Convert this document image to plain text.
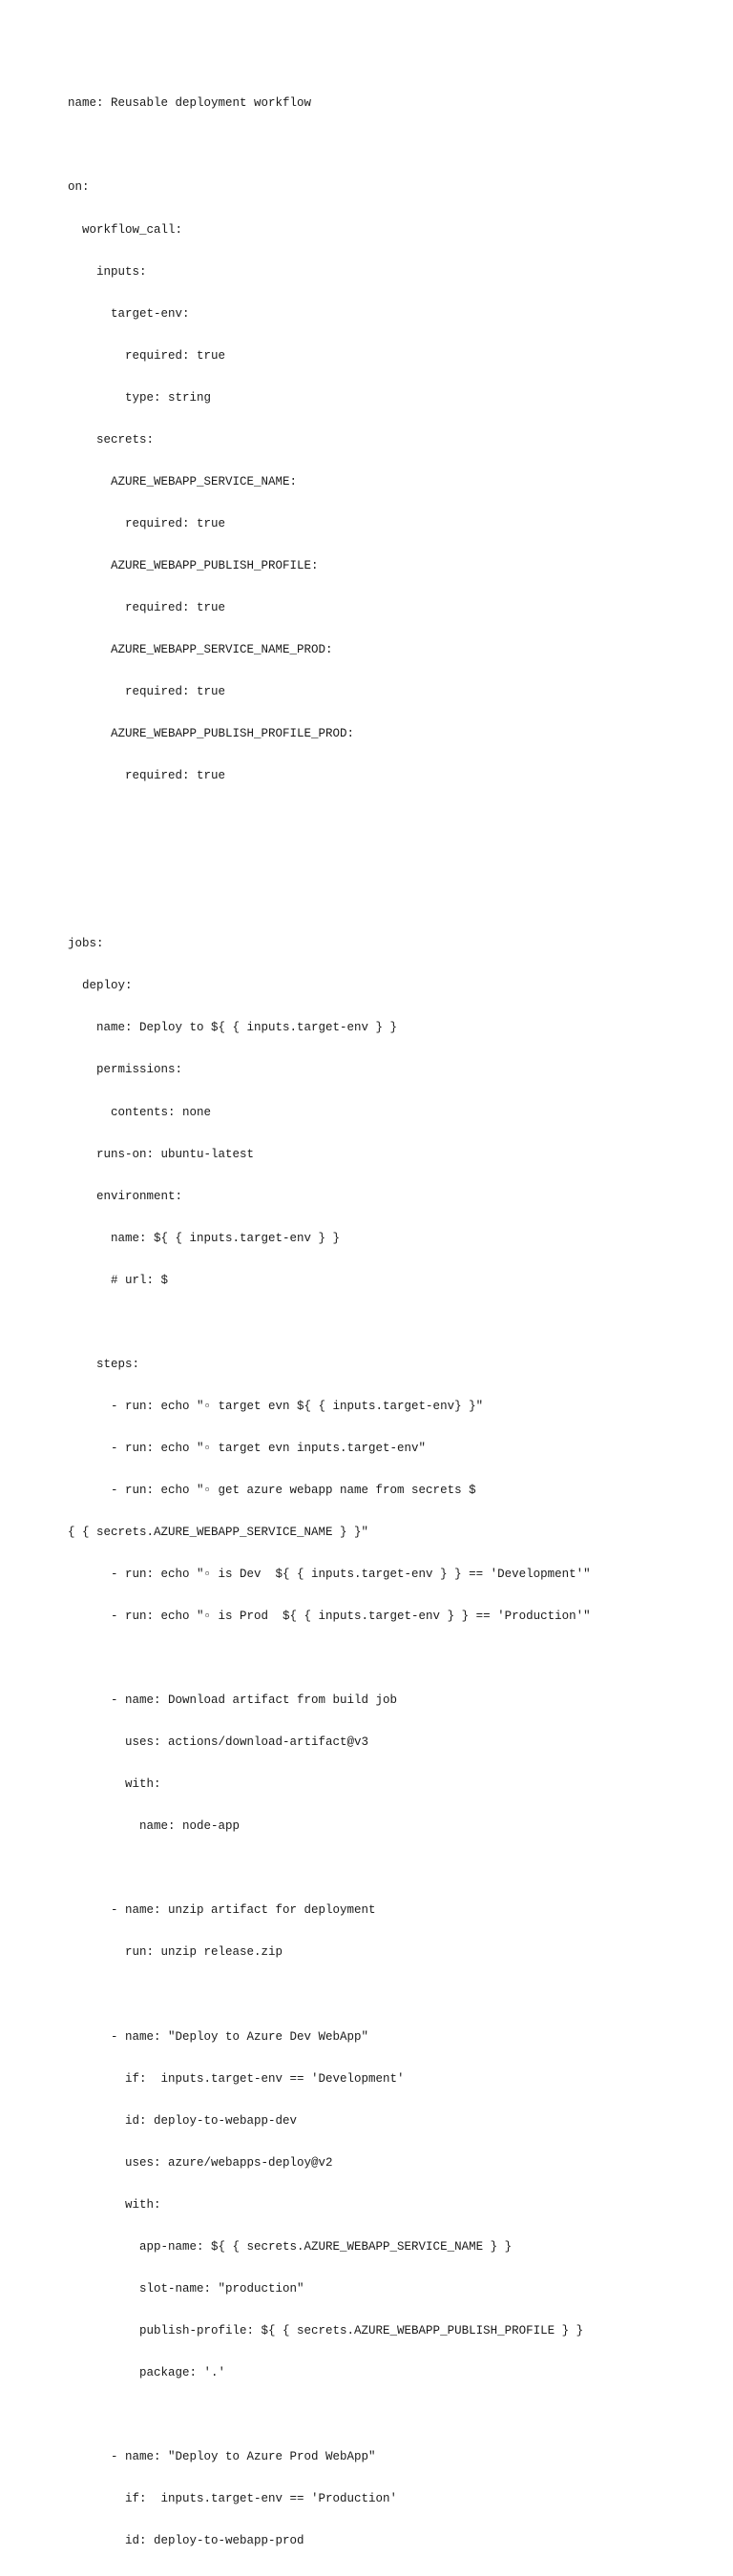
name: Reusable deployment workflow

on:

workflow_call:

inputs:

target-env:

required: true

type: string

secrets:

AZURE_WEBAPP_SERVICE_NAME:

required: true

AZURE_WEBAPP_PUBLISH_PROFILE:

required: true

AZURE_WEBAPP_SERVICE_NAME_PROD:

required: true

AZURE_WEBAPP_PUBLISH_PROFILE_PROD:

required: true

jobs:

deploy:

name: Deploy to ${ { inputs.target-env } }

permissions:

contents: none

runs-on: ubuntu-latest

environment:

name: ${ { inputs.target-env } }

# url: $

steps:

- run: echo "▫ target evn ${ { inputs.target-env} }"

- run: echo "▫ target evn inputs.target-env"

- run: echo "▫ get azure webapp name from secrets $

{ { secrets.AZURE_WEBAPP_SERVICE_NAME } }"

- run: echo "▫ is Dev  ${ { inputs.target-env } } == 'Development'"

- run: echo "▫ is Prod  ${ { inputs.target-env } } == 'Production'"

- name: Download artifact from build job

uses: actions/download-artifact@v3

with:

name: node-app

- name: unzip artifact for deployment

run: unzip release.zip

- name: "Deploy to Azure Dev WebApp"

if:  inputs.target-env == 'Development'

id: deploy-to-webapp-dev

uses: azure/webapps-deploy@v2

with:

app-name: ${ { secrets.AZURE_WEBAPP_SERVICE_NAME } }

slot-name: "production"

publish-profile: ${ { secrets.AZURE_WEBAPP_PUBLISH_PROFILE } }

package: '.'

- name: "Deploy to Azure Prod WebApp"

if:  inputs.target-env == 'Production'

id: deploy-to-webapp-prod
